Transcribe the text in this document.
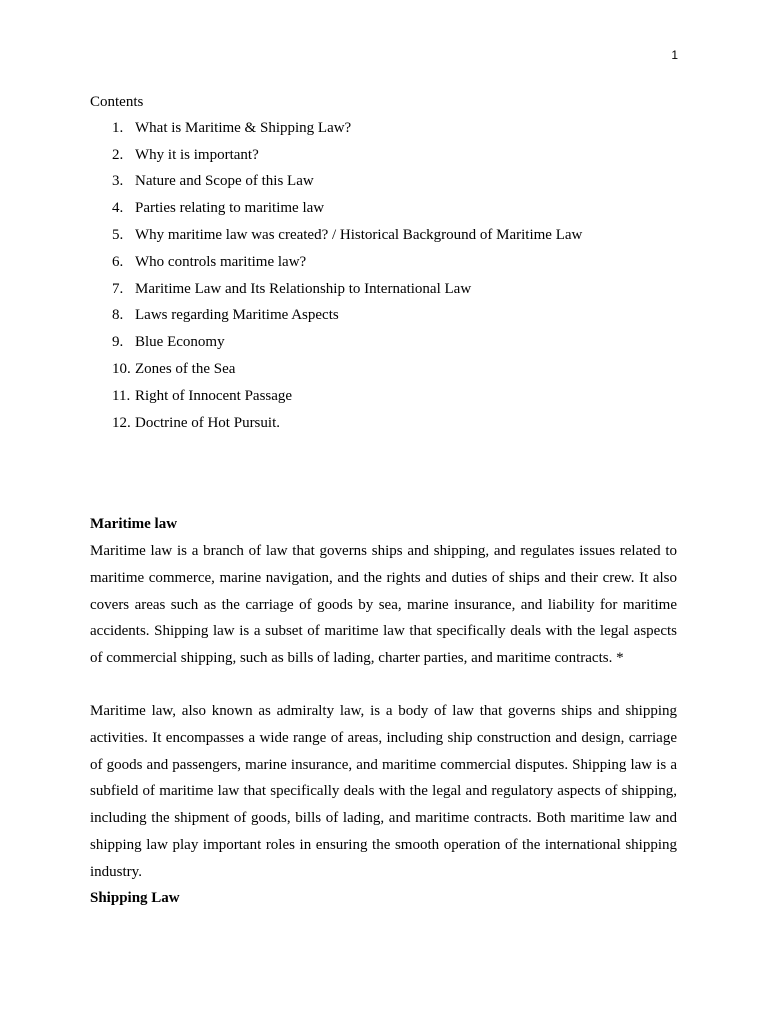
1
Contents
1. What is Maritime & Shipping Law?
2. Why it is important?
3. Nature and Scope of this Law
4. Parties relating to maritime law
5. Why maritime law was created? / Historical Background of Maritime Law
6. Who controls maritime law?
7. Maritime Law and Its Relationship to International Law
8. Laws regarding Maritime Aspects
9. Blue Economy
10. Zones of the Sea
11. Right of Innocent Passage
12. Doctrine of Hot Pursuit.
Maritime law

Maritime law is a branch of law that governs ships and shipping, and regulates issues related to maritime commerce, marine navigation, and the rights and duties of ships and their crew. It also covers areas such as the carriage of goods by sea, marine insurance, and liability for maritime accidents. Shipping law is a subset of maritime law that specifically deals with the legal aspects of commercial shipping, such as bills of lading, charter parties, and maritime contracts. *

Maritime law, also known as admiralty law, is a body of law that governs ships and shipping activities. It encompasses a wide range of areas, including ship construction and design, carriage of goods and passengers, marine insurance, and maritime commercial disputes. Shipping law is a subfield of maritime law that specifically deals with the legal and regulatory aspects of shipping, including the shipment of goods, bills of lading, and maritime contracts. Both maritime law and shipping law play important roles in ensuring the smooth operation of the international shipping industry.

Shipping Law
